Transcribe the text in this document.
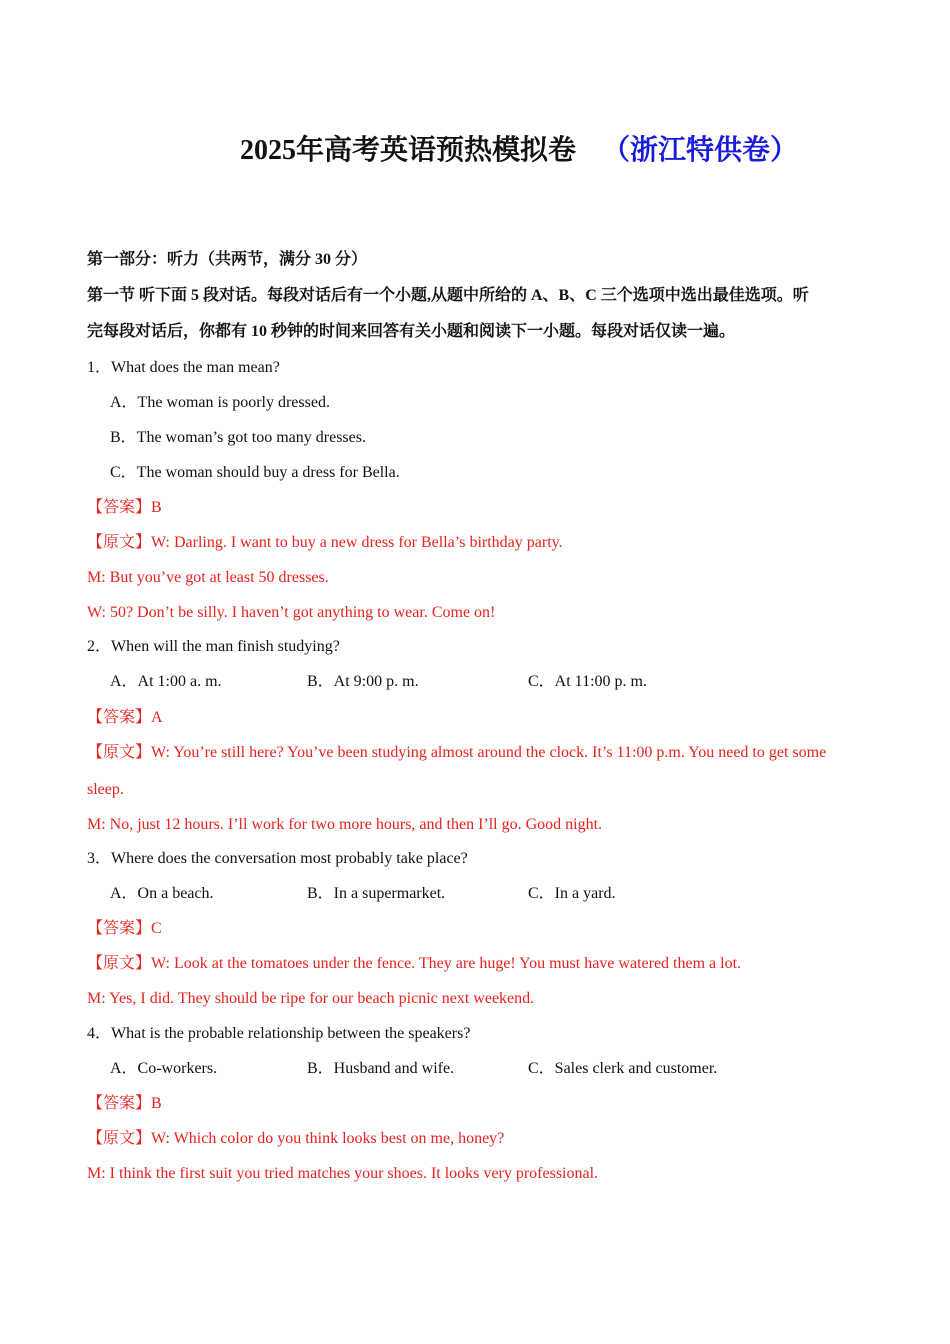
2025年高考英语预热模拟卷 （浙江特供卷）
第一部分：听力（共两节，满分 30 分）
第一节 听下面 5 段对话。每段对话后有一个小题,从题中所给的 A、B、C 三个选项中选出最佳选项。听
完每段对话后，你都有 10 秒钟的时间来回答有关小题和阅读下一小题。每段对话仅读一遍。
1．What does the man mean?
A．The woman is poorly dressed.
B．The woman’s got too many dresses.
C．The woman should buy a dress for Bella.
【答案】B
【原文】W: Darling. I want to buy a new dress for Bella’s birthday party.
M: But you’ve got at least 50 dresses.
W: 50? Don’t be silly. I haven’t got anything to wear. Come on!
2．When will the man finish studying?
A．At 1:00 a. m.	B．At 9:00 p. m.	C．At 11:00 p. m.
【答案】A
【原文】W: You’re still here? You’ve been studying almost around the clock. It’s 11:00 p.m. You need to get some
sleep.
M: No, just 12 hours. I’ll work for two more hours, and then I’ll go. Good night.
3．Where does the conversation most probably take place?
A．On a beach.	B．In a supermarket.	C．In a yard.
【答案】C
【原文】W: Look at the tomatoes under the fence. They are huge! You must have watered them a lot.
M: Yes, I did. They should be ripe for our beach picnic next weekend.
4．What is the probable relationship between the speakers?
A．Co-workers.	B．Husband and wife.	C．Sales clerk and customer.
【答案】B
【原文】W: Which color do you think looks best on me, honey?
M: I think the first suit you tried matches your shoes. It looks very professional.
